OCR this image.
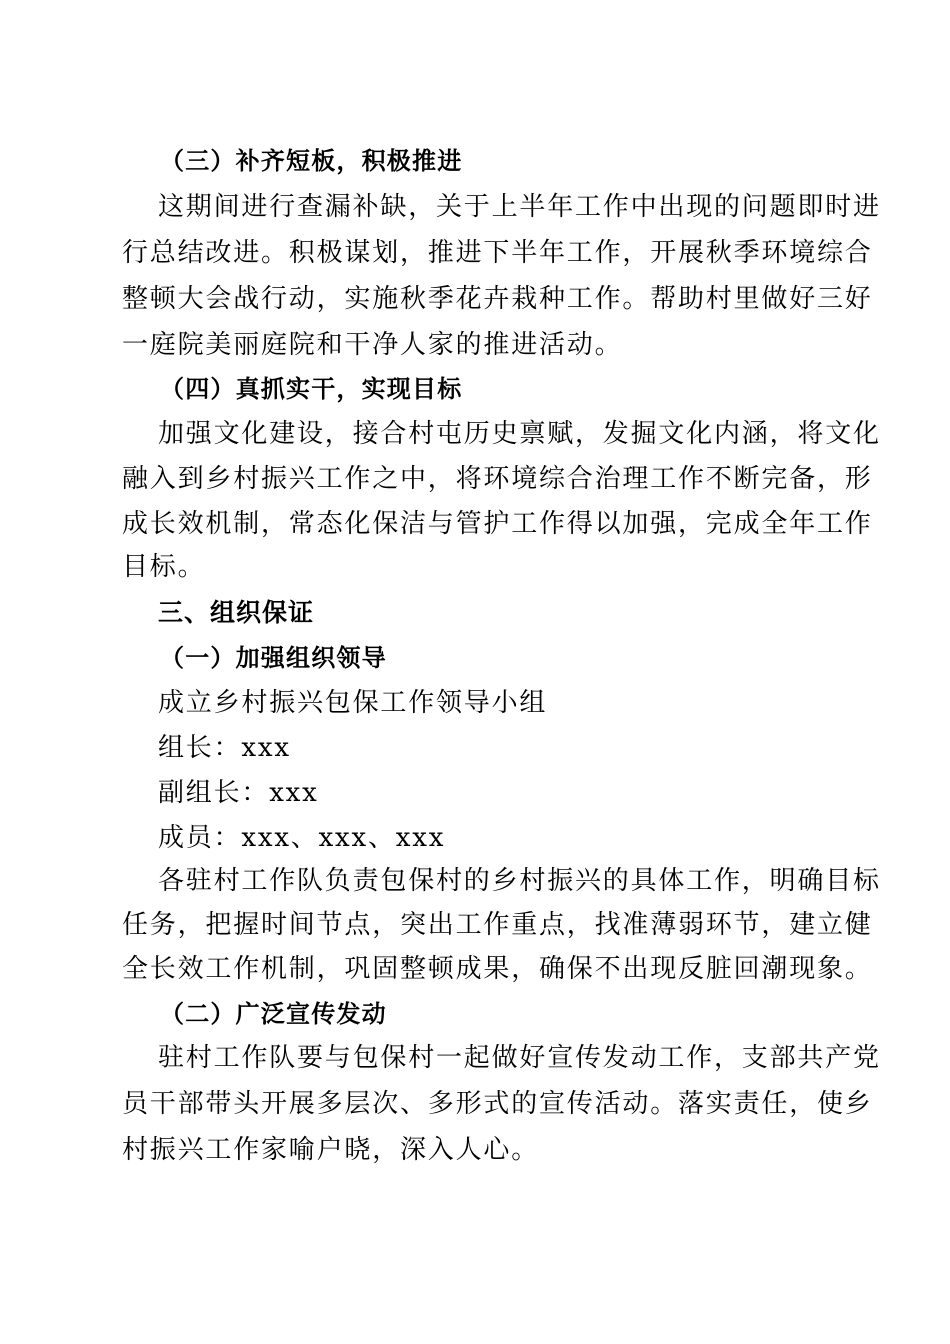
（三）补齐短板，积极推进
这期间进行查漏补缺，关于上半年工作中出现的问题即时进
行总结改进。积极谋划，推进下半年工作，开展秋季环境综合
整顿大会战行动，实施秋季花卉栽种工作。帮助村里做好三好
一庭院美丽庭院和干净人家的推进活动。
（四）真抓实干，实现目标
加强文化建设，接合村屯历史禀赋，发掘文化内涵，将文化
融入到乡村振兴工作之中，将环境综合治理工作不断完备，形
成长效机制，常态化保洁与管护工作得以加强，完成全年工作
目标。
三、组织保证
（一）加强组织领导
成立乡村振兴包保工作领导小组
组长：xxx
副组长：xxx
成员：xxx、xxx、xxx
各驻村工作队负责包保村的乡村振兴的具体工作，明确目标
任务，把握时间节点，突出工作重点，找准薄弱环节，建立健
全长效工作机制，巩固整顿成果，确保不出现反脏回潮现象。
（二）广泛宣传发动
驻村工作队要与包保村一起做好宣传发动工作，支部共产党
员干部带头开展多层次、多形式的宣传活动。落实责任，使乡
村振兴工作家喻户晓，深入人心。
